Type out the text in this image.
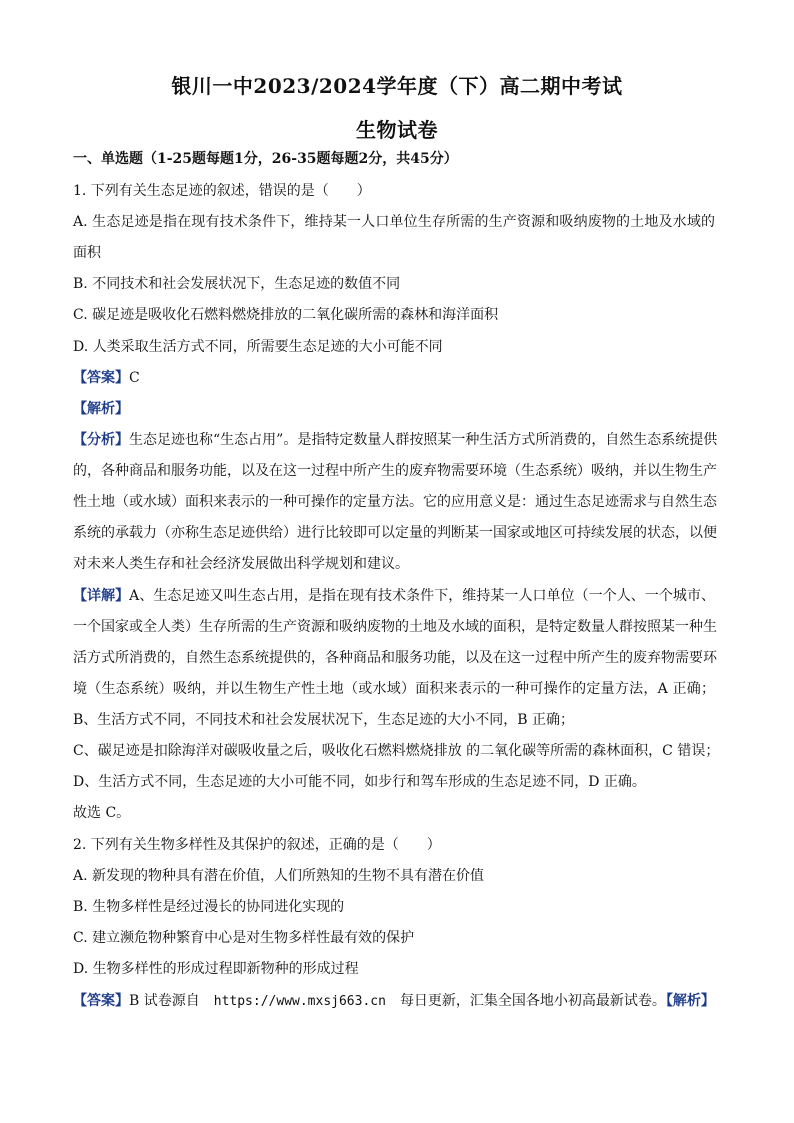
银川一中2023/2024学年度（下）高二期中考试
生物试卷
一、单选题（1-25题每题1分，26-35题每题2分，共45分）
1. 下列有关生态足迹的叙述，错误的是（　　）
A. 生态足迹是指在现有技术条件下，维持某一人口单位生存所需的生产资源和吸纳废物的土地及水域的
面积
B. 不同技术和社会发展状况下，生态足迹的数值不同
C. 碳足迹是吸收化石燃料燃烧排放的二氧化碳所需的森林和海洋面积
D. 人类采取生活方式不同，所需要生态足迹的大小可能不同
【答案】C
【解析】
【分析】生态足迹也称“生态占用”。是指特定数量人群按照某一种生活方式所消费的，自然生态系统提供
的，各种商品和服务功能，以及在这一过程中所产生的废弃物需要环境（生态系统）吸纳，并以生物生产
性土地（或水域）面积来表示的一种可操作的定量方法。它的应用意义是：通过生态足迹需求与自然生态
系统的承载力（亦称生态足迹供给）进行比较即可以定量的判断某一国家或地区可持续发展的状态，以便
对未来人类生存和社会经济发展做出科学规划和建议。
【详解】A、生态足迹又叫生态占用，是指在现有技术条件下，维持某一人口单位（一个人、一个城市、
一个国家或全人类）生存所需的生产资源和吸纳废物的土地及水域的面积，是特定数量人群按照某一种生
活方式所消费的，自然生态系统提供的，各种商品和服务功能，以及在这一过程中所产生的废弃物需要环
境（生态系统）吸纳，并以生物生产性土地（或水域）面积来表示的一种可操作的定量方法，A 正确；
B、生活方式不同，不同技术和社会发展状况下，生态足迹的大小不同，B 正确；
C、碳足迹是扣除海洋对碳吸收量之后，吸收化石燃料燃烧排放 的二氧化碳等所需的森林面积，C 错误；
D、生活方式不同，生态足迹的大小可能不同，如步行和驾车形成的生态足迹不同，D 正确。
故选 C。
2. 下列有关生物多样性及其保护的叙述，正确的是（　　）
A. 新发现的物种具有潜在价值，人们所熟知的生物不具有潜在价值
B. 生物多样性是经过漫长的协同进化实现的
C. 建立濒危物种繁育中心是对生物多样性最有效的保护
D. 生物多样性的形成过程即新物种的形成过程
【答案】B 试卷源自 https://www.mxsj663.cn 每日更新，汇集全国各地小初高最新试卷。【解析】
